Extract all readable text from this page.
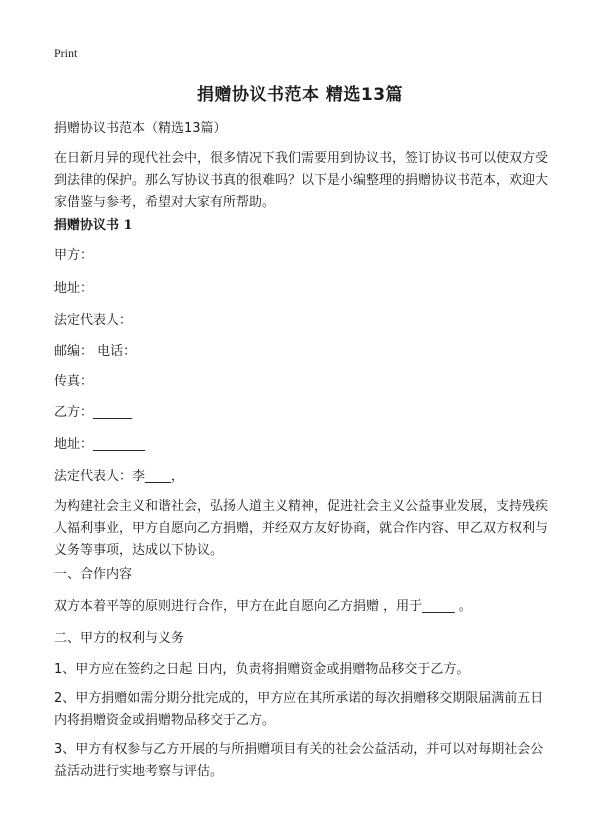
Print
捐赠协议书范本 精选13篇
捐赠协议书范本（精选13篇）
在日新月异的现代社会中，很多情况下我们需要用到协议书，签订协议书可以使双方受到法律的保护。那么写协议书真的很难吗？以下是小编整理的捐赠协议书范本，欢迎大家借鉴与参考，希望对大家有所帮助。
捐赠协议书 1
甲方：
地址：
法定代表人：
邮编： 电话：
传真：
乙方：______
地址：________
法定代表人：李____，
为构建社会主义和谐社会，弘扬人道主义精神，促进社会主义公益事业发展，支持残疾人福利事业，甲方自愿向乙方捐赠，并经双方友好协商，就合作内容、甲乙双方权利与义务等事项，达成以下协议。
一、合作内容
双方本着平等的原则进行合作，甲方在此自愿向乙方捐赠 ，用于_____ 。
二、甲方的权利与义务
1、甲方应在签约之日起 日内，负责将捐赠资金或捐赠物品移交于乙方。
2、甲方捐赠如需分期分批完成的，甲方应在其所承诺的每次捐赠移交期限届满前五日内将捐赠资金或捐赠物品移交于乙方。
3、甲方有权参与乙方开展的与所捐赠项目有关的社会公益活动，并可以对每期社会公益活动进行实地考察与评估。
